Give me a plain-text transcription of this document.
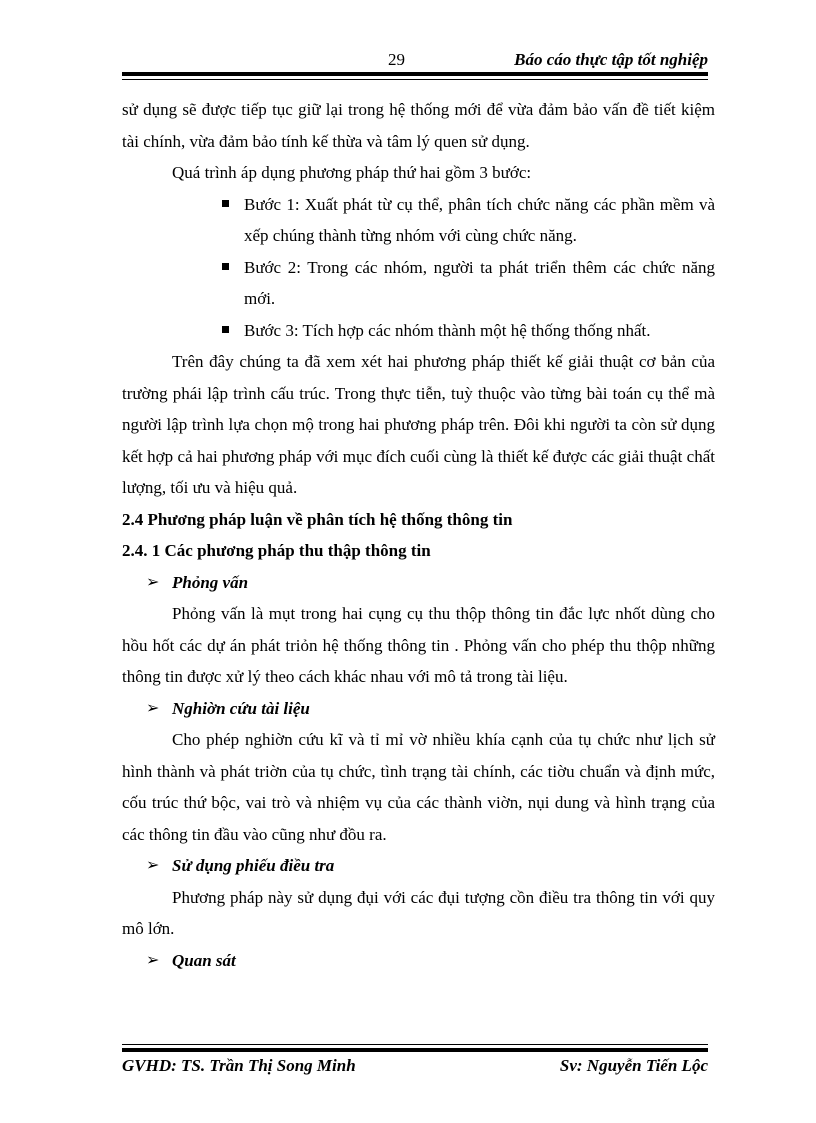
29	Báo cáo thực tập tốt nghiệp

sử dụng sẽ được tiếp tục giữ lại trong hệ thống mới để vừa đảm bảo vấn đề tiết kiệm tài chính, vừa đảm bảo tính kế thừa và tâm lý quen sử dụng.

Quá trình áp dụng phương pháp thứ hai gồm 3 bước:

Bước 1: Xuất phát từ cụ thể, phân tích chức năng các phần mềm và xếp chúng thành từng nhóm với cùng chức năng.
Bước 2: Trong các nhóm, người ta phát triển thêm các chức năng mới.
Bước 3: Tích hợp các nhóm thành một hệ thống thống nhất.

Trên đây chúng ta đã xem xét hai phương pháp thiết kế giải thuật cơ bản của trường phái lập trình cấu trúc. Trong thực tiễn, tuỳ thuộc vào từng bài toán cụ thể mà người lập trình lựa chọn mộ trong hai phương pháp trên. Đôi khi người ta còn sử dụng kết hợp cả hai phương pháp với mục đích cuối cùng là thiết kế được các giải thuật chất lượng, tối ưu và hiệu quả.

2.4 Phương pháp luận về phân tích hệ thống thông tin

2.4. 1 Các phương pháp thu thập thông tin

➢ Phỏng vấn

Phỏng vấn là mụt trong hai cụng cụ thu thộp thông tin đắc lực nhốt dùng cho hồu hốt các dự án phát triỏn hệ thống thông tin . Phỏng vấn cho phép thu thộp những thông tin được xử lý theo cách khác nhau với mô tả trong tài liệu.

➢ Nghiờn cứu tài liệu

Cho phép nghiờn cứu kĩ và tỉ mỉ vờ nhiều khía cạnh của tụ chức như lịch sử hình thành và phát triờn của tụ chức, tình trạng tài chính, các tiờu chuẩn và định mức, cốu trúc thứ bộc, vai trò và nhiệm vụ của các thành viờn, nụi dung và hình trạng của các thông tin đầu vào cũng như đồu ra.

➢ Sử dụng phiếu điều tra

Phương pháp này sử dụng đụi với các đụi tượng cồn điều tra thông tin với quy mô lớn.

➢ Quan sát
GVHD: TS. Trần Thị Song Minh	Sv: Nguyễn Tiến Lộc
